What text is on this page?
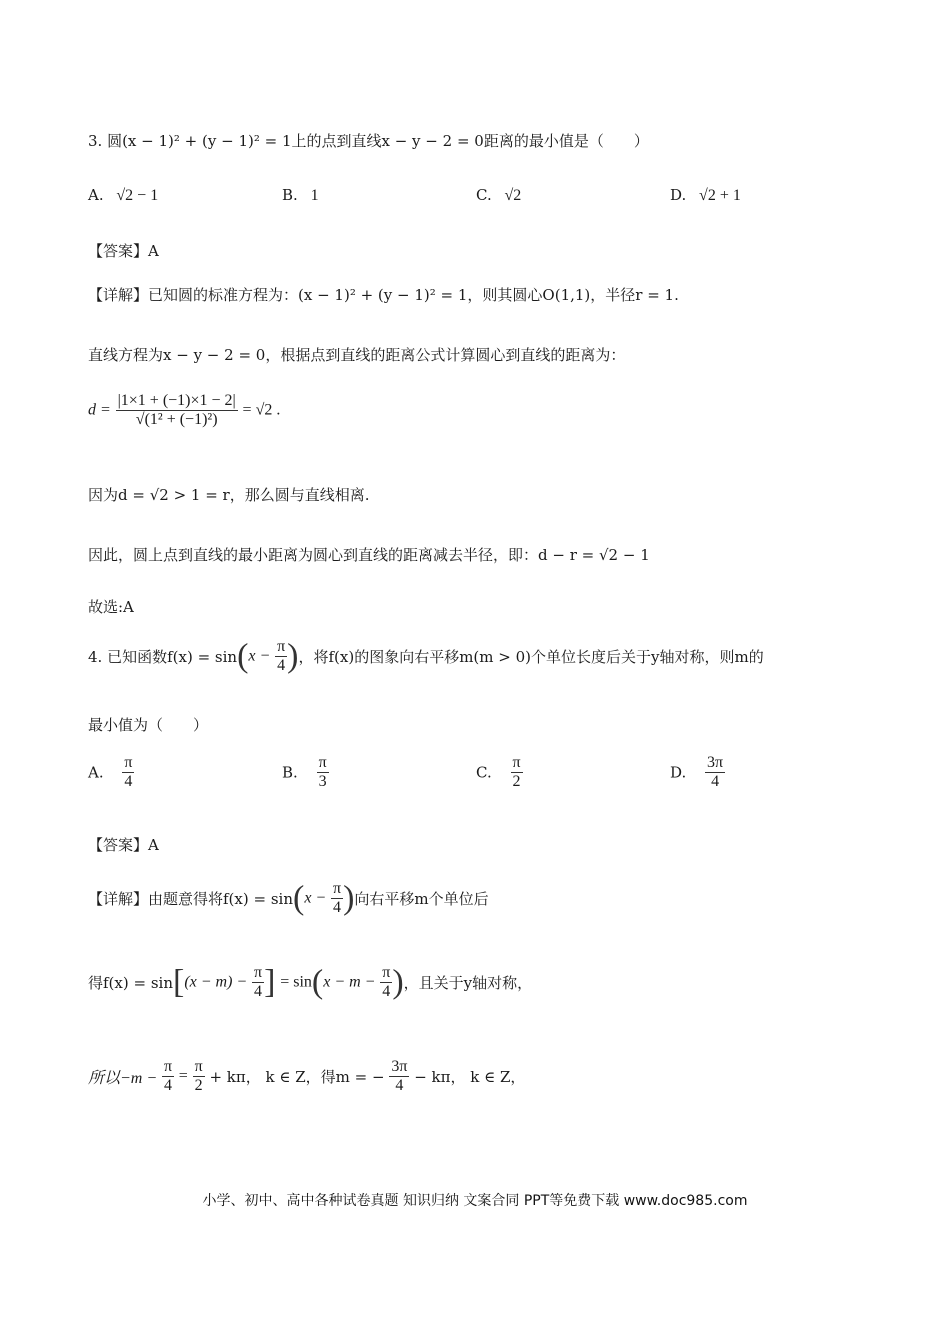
3. 圆(x − 1)² + (y − 1)² = 1上的点到直线x − y − 2 = 0距离的最小值是（　　）
A. √2 − 1	B. 1	C. √2	D. √2 + 1
【答案】A
【详解】已知圆的标准方程为：(x − 1)² + (y − 1)² = 1，则其圆心O(1,1)，半径r = 1.
直线方程为x − y − 2 = 0，根据点到直线的距离公式计算圆心到直线的距离为：
$d = \frac{|1\times 1 + (-1)\times 1 - 2|}{\text{√(1² + (−1)²)}} = √2$ .
因为d = √2 > 1 = r，那么圆与直线相离.
因此，圆上点到直线的最小距离为圆心到直线的距离减去半径，即：d − r = √2 − 1
故选:A
4. 已知函数$f(x) = \sin(x - \frac{\pi}{4}$ )，将f(x)的图象向右平移m(m > 0)个单位长度后关于y轴对称，则m的
最小值为（　　）
A. $\frac{\pi}{4}$	B. $\frac{\pi}{3}$	C. $\frac{\pi}{2}$	D. $\frac{3\pi}{4}$
【答案】A
【详解】由题意得将$f(x) = \sin(x - \frac{\pi}{4}$ )向右平移m个单位后
得$f(x) = \sin[(x - m) - \frac{\pi}{4}$ ] = $\sin(x - m - \frac{\pi}{4}$ )，且关于y轴对称，
所以$-m - \frac{\pi}{4} = \frac{\pi}{2} + k\pi$， k ∈ Z，得m = − $\frac{3\pi}{4} - k\pi$， k ∈ Z，
小学、初中、高中各种试卷真题 知识归纳 文案合同 PPT等免费下载 www.doc985.com
